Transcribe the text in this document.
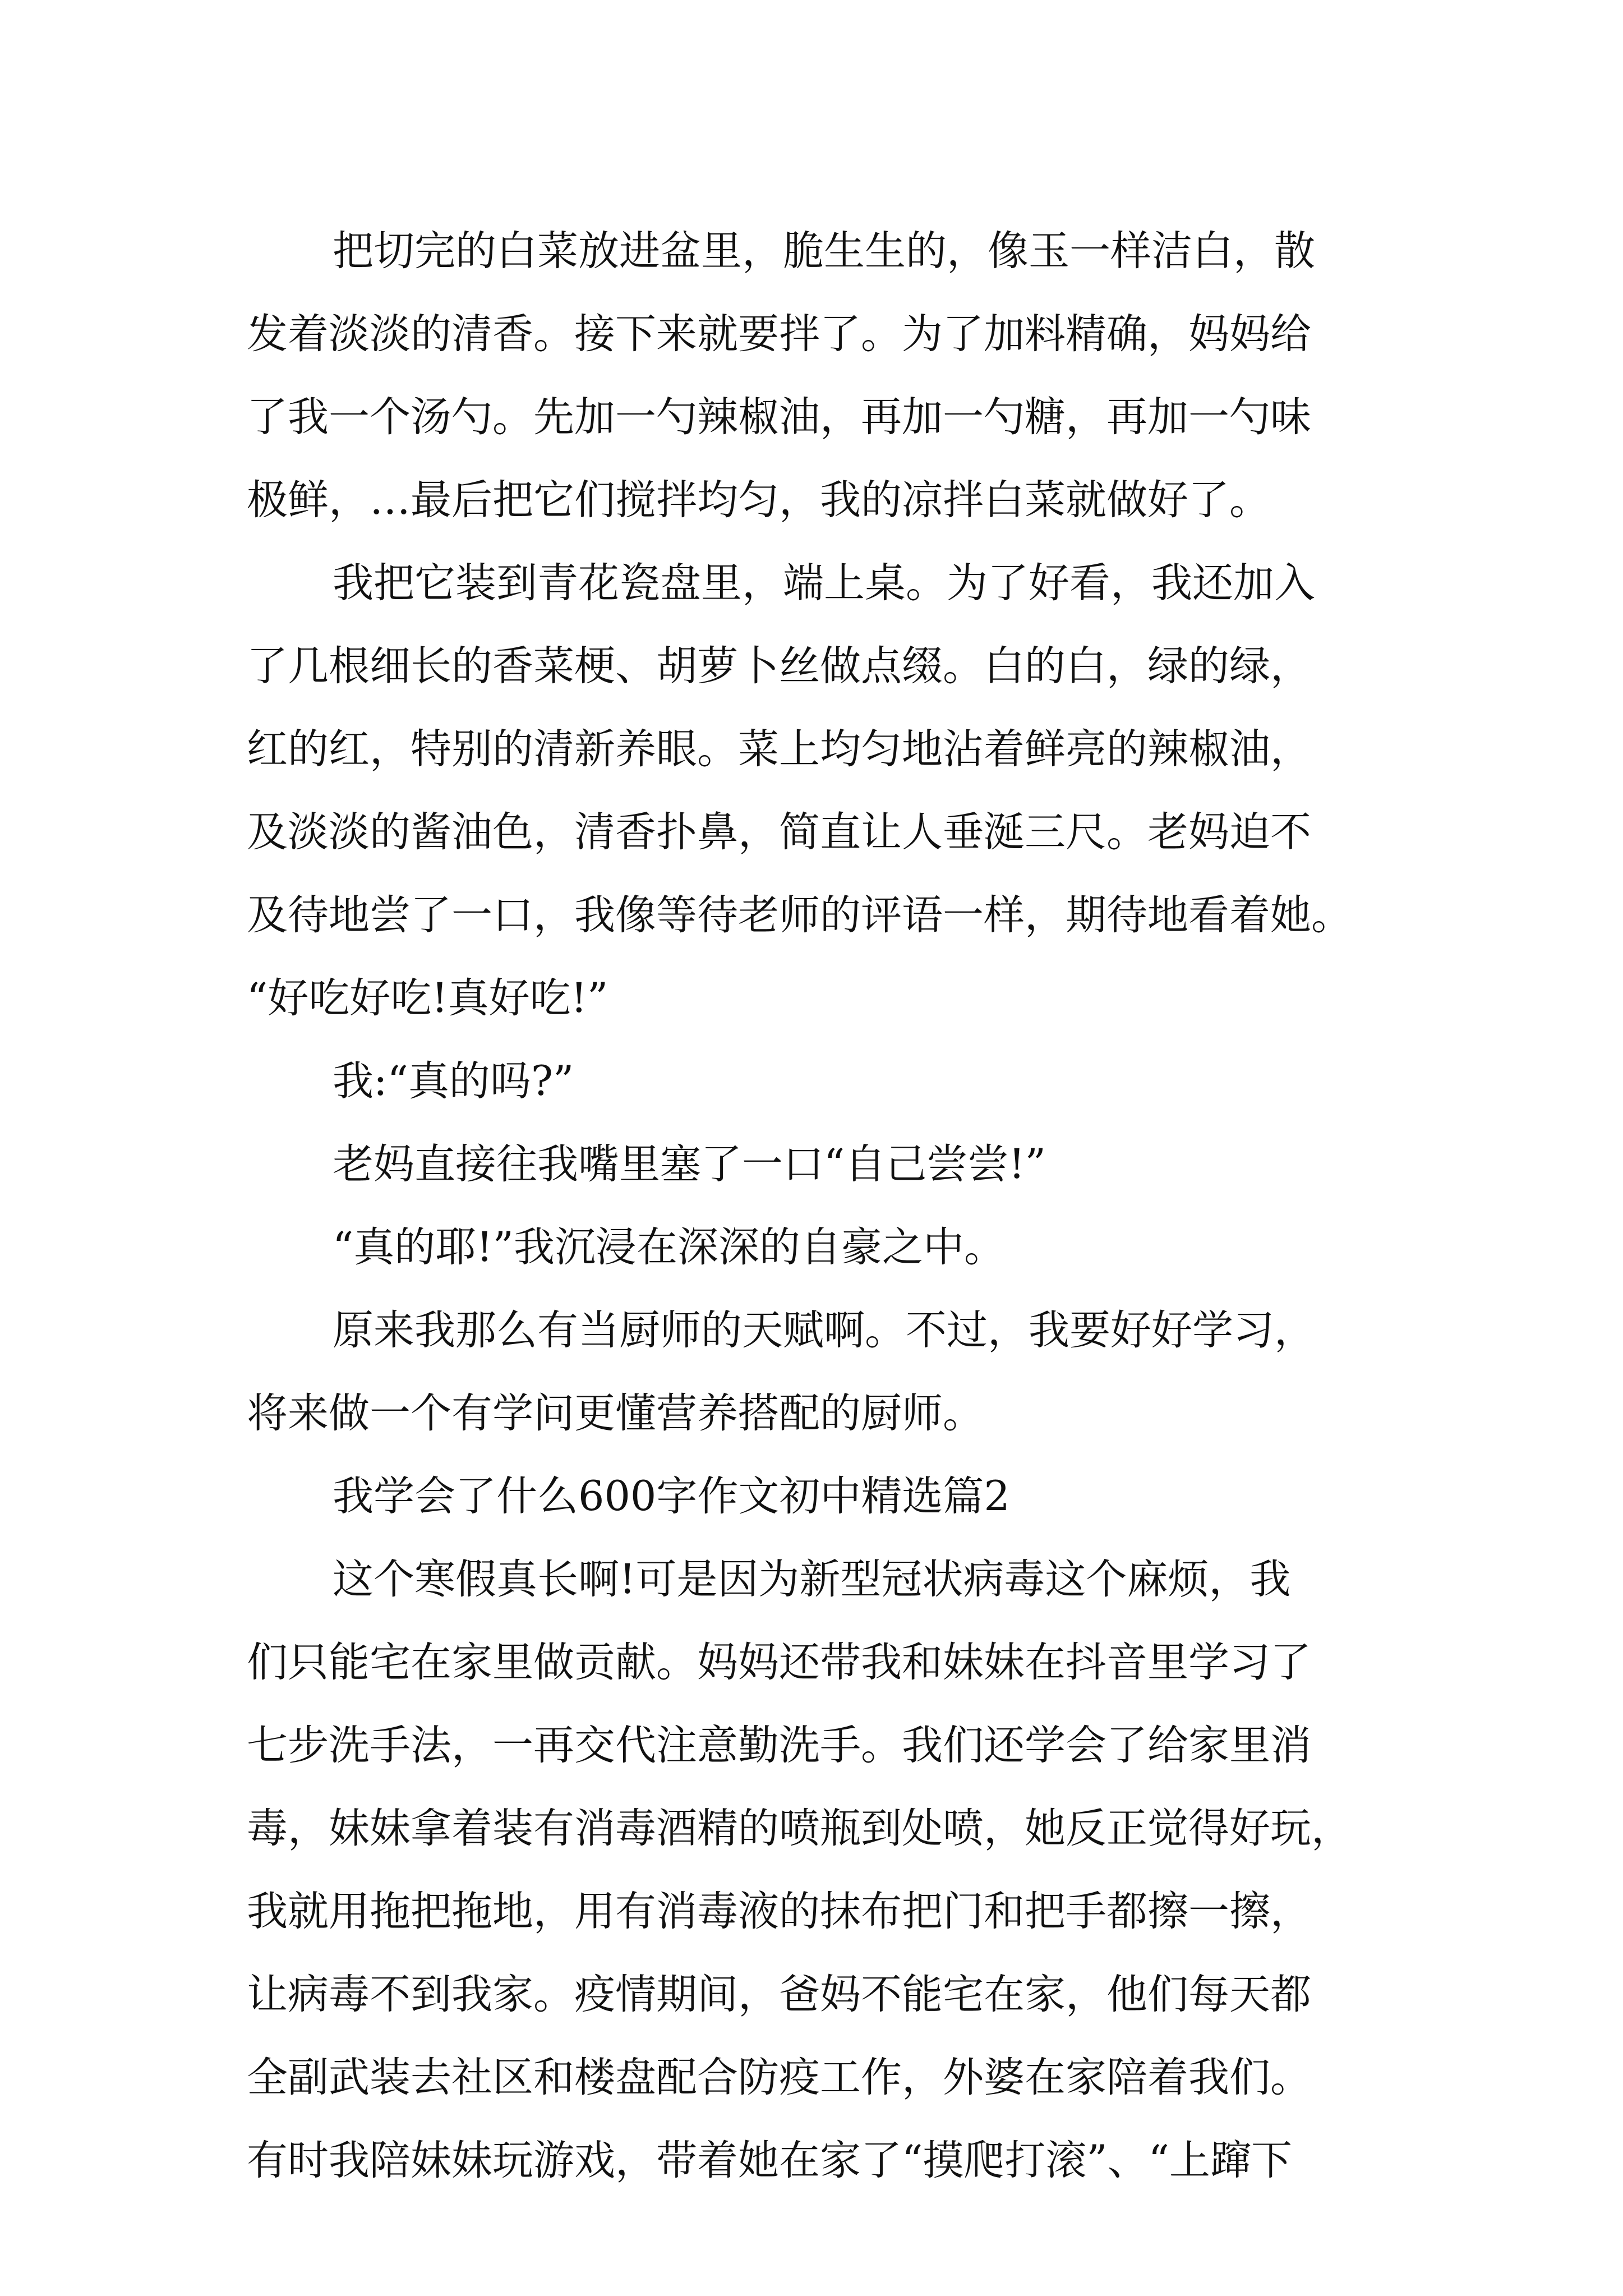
把切完的白菜放进盆里，脆生生的，像玉一样洁白，散
发着淡淡的清香。接下来就要拌了。为了加料精确，妈妈给
了我一个汤勺。先加一勺辣椒油，再加一勺糖，再加一勺味
极鲜，…最后把它们搅拌均匀，我的凉拌白菜就做好了。
我把它装到青花瓷盘里，端上桌。为了好看，我还加入
了几根细长的香菜梗、胡萝卜丝做点缀。白的白，绿的绿，
红的红，特别的清新养眼。菜上均匀地沾着鲜亮的辣椒油，
及淡淡的酱油色，清香扑鼻，简直让人垂涎三尺。老妈迫不
及待地尝了一口，我像等待老师的评语一样，期待地看着她。
“好吃好吃!真好吃!”
我:“真的吗?”
老妈直接往我嘴里塞了一口“自己尝尝!”
“真的耶!”我沉浸在深深的自豪之中。
原来我那么有当厨师的天赋啊。不过，我要好好学习，
将来做一个有学问更懂营养搭配的厨师。
我学会了什么600字作文初中精选篇2
这个寒假真长啊!可是因为新型冠状病毒这个麻烦，我
们只能宅在家里做贡献。妈妈还带我和妹妹在抖音里学习了
七步洗手法，一再交代注意勤洗手。我们还学会了给家里消
毒，妹妹拿着装有消毒酒精的喷瓶到处喷，她反正觉得好玩，
我就用拖把拖地，用有消毒液的抹布把门和把手都擦一擦，
让病毒不到我家。疫情期间，爸妈不能宅在家，他们每天都
全副武装去社区和楼盘配合防疫工作，外婆在家陪着我们。
有时我陪妹妹玩游戏，带着她在家了“摸爬打滚”、“上蹿下
